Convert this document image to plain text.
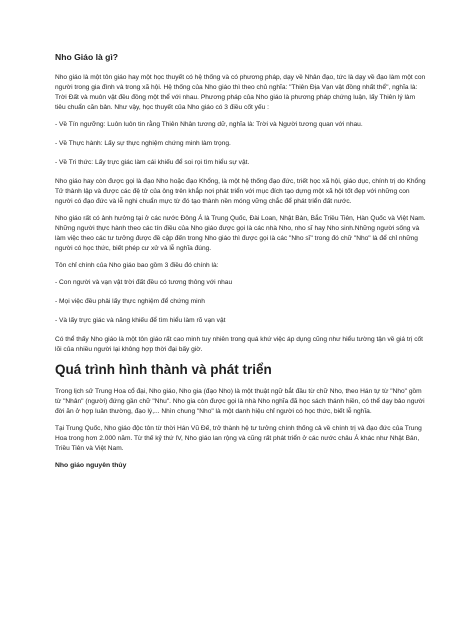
Nho Giáo là gì?
Nho giáo là một tôn giáo hay một học thuyết có hệ thống và có phương pháp, dạy về Nhân đạo, tức là dạy về đạo làm một con người trong gia đình và trong xã hội. Hệ thống của Nho giáo thì theo chủ nghĩa: "Thiên Địa Vạn vật đồng nhất thể", nghĩa là: Trời Đất và muôn vật đều đồng một thể với nhau. Phương pháp của Nho giáo là phương pháp chứng luận, lấy Thiên lý làm tiêu chuẩn căn bản. Như vậy, học thuyết của Nho giáo có 3 điều cốt yếu :
- Về Tín ngưỡng: Luôn luôn tin rằng Thiên Nhân tương dữ, nghĩa là: Trời và Người tương quan với nhau.
- Về Thực hành: Lấy sự thực nghiệm chứng minh làm trọng.
- Về Tri thức: Lấy trực giác làm cái khiếu để soi rọi tìm hiểu sự vật.
Nho giáo hay còn được gọi là đạo Nho hoặc đạo Khổng, là một hệ thống đạo đức, triết học xã hội, giáo dục, chính trị do Khổng Tử thành lập và được các đệ tử của ông trên khắp nơi phát triển với mục đích tạo dựng một xã hội tốt đẹp với những con người có đạo đức và lễ nghi chuẩn mực từ đó tạo thành nền móng vững chắc để phát triển đất nước.
Nho giáo rất có ảnh hưởng tại ở các nước Đông Á là Trung Quốc, Đài Loan, Nhật Bản, Bắc Triều Tiên, Hàn Quốc và Việt Nam. Những người thực hành theo các tín điều của Nho giáo được gọi là các nhà Nho, nho sĩ hay Nho sinh.Những người sống và làm việc theo các tư tưởng được đề cập đến trong Nho giáo thì được gọi là các "Nho sĩ" trong đó chữ "Nho" là để chỉ những người có học thức, biết phép cư xử và lễ nghĩa đúng.
Tôn chỉ chính của Nho giáo bao gồm 3 điều đó chính là:
- Con người và vạn vật trời đất đều có tương thông với nhau
- Mọi việc đều phải lấy thực nghiệm để chứng minh
- Và lấy trực giác và năng khiếu để tìm hiểu làm rõ vạn vật
Có thể thấy Nho giáo là một tôn giáo rất cao minh tuy nhiên trong quá khứ việc áp dụng cũng như hiểu tường tận về giá trị cốt lõi của nhiều người lại không hợp thời đại bấy giờ.
Quá trình hình thành và phát triển
Trong lịch sử Trung Hoa cổ đại, Nho giáo, Nho gia (đạo Nho) là một thuật ngữ bắt đầu từ chữ Nho, theo Hán tự từ "Nho" gồm từ "Nhân" (người) đứng gần chữ "Nhu". Nho gia còn được gọi là nhà Nho nghĩa đã học sách thánh hiền, có thể dạy bảo người đời ăn ở hợp luân thường, đạo lý,... Nhìn chung "Nho" là một danh hiệu chỉ người có học thức, biết lễ nghĩa.
Tại Trung Quốc, Nho giáo độc tôn từ thời Hán Vũ Đế, trở thành hệ tư tưởng chính thống cả về chính trị và đạo đức của Trung Hoa trong hơn 2.000 năm. Từ thế kỷ thứ IV, Nho giáo lan rộng và cũng rất phát triển ở các nước châu Á khác như Nhật Bản, Triều Tiên và Việt Nam.
Nho giáo nguyên thủy
